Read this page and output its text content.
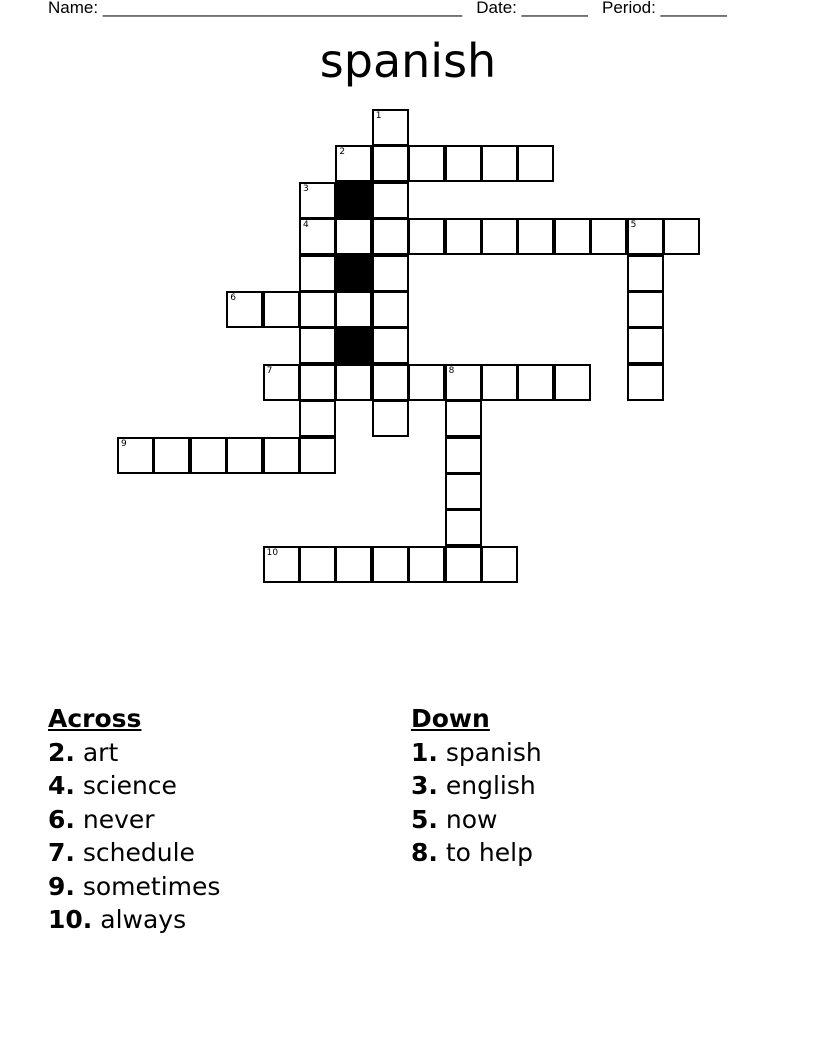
Name: ______________________________________ Date: _______ Period: _______
spanish
1
2
3
4	5
6
7	8
9
10
Across
2. art
4. science
6. never
7. schedule
9. sometimes
10. always
Down
1. spanish
3. english
5. now
8. to help
